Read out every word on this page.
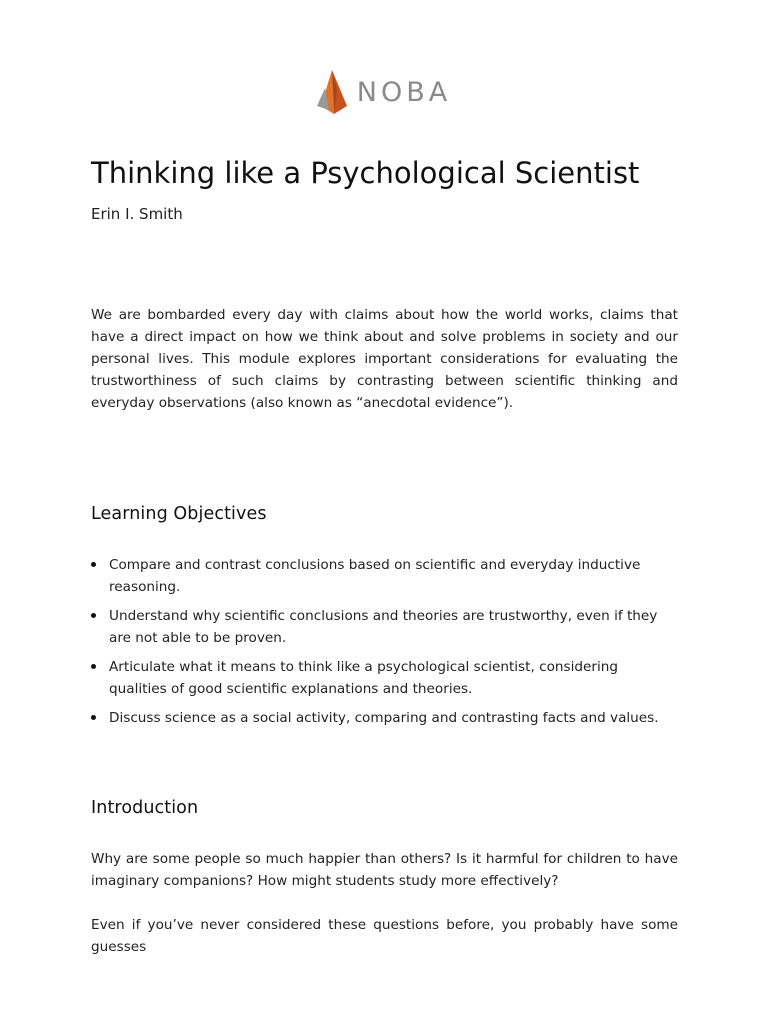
NOBA
Thinking like a Psychological Scientist

Erin I. Smith

We are bombarded every day with claims about how the world works, claims that have a direct impact on how we think about and solve problems in society and our personal lives. This module explores important considerations for evaluating the trustworthiness of such claims by contrasting between scientific thinking and everyday observations (also known as “anecdotal evidence”).

Learning Objectives
Compare and contrast conclusions based on scientific and everyday inductive reasoning.
Understand why scientific conclusions and theories are trustworthy, even if they are not able to be proven.
Articulate what it means to think like a psychological scientist, considering qualities of good scientific explanations and theories.
Discuss science as a social activity, comparing and contrasting facts and values.
Introduction

Why are some people so much happier than others? Is it harmful for children to have imaginary companions? How might students study more effectively?

Even if you’ve never considered these questions before, you probably have some guesses
